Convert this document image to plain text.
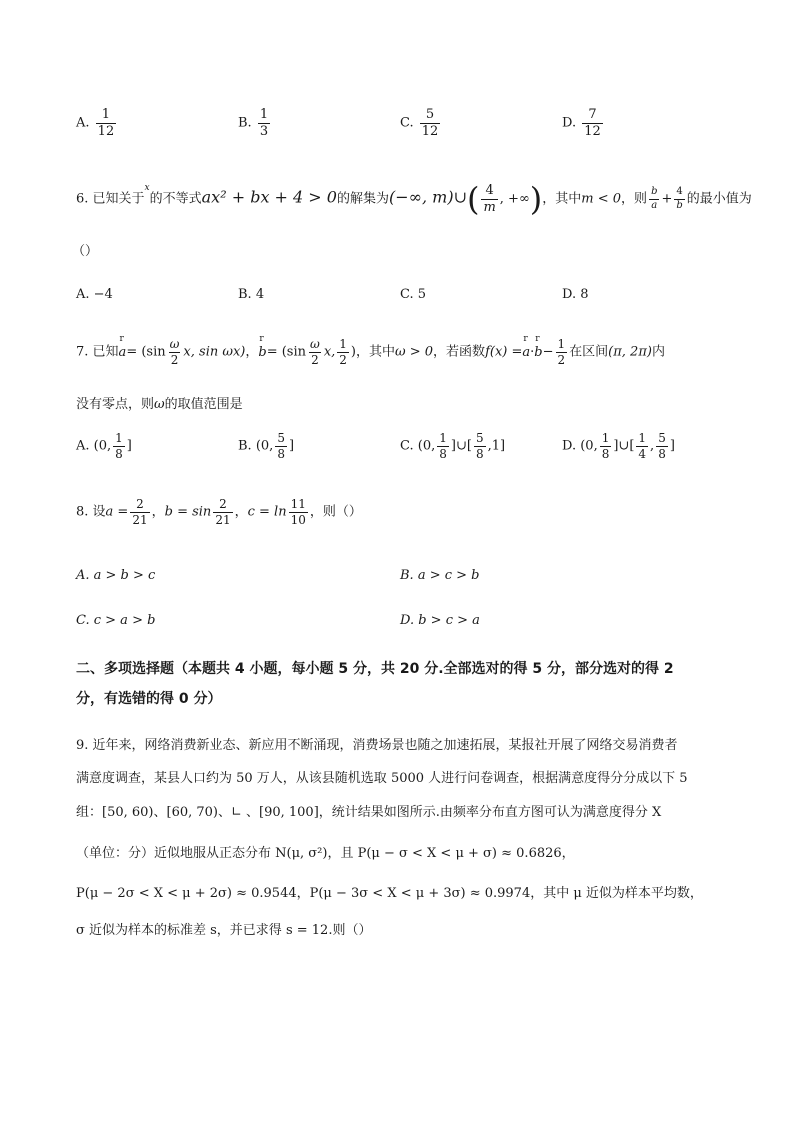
A. $\frac{1}{12}$	B. $\frac{1}{3}$	C. $\frac{5}{12}$	D. $\frac{7}{12}$
6. 已知关于$^x$的不等式ax² + bx + 4 > 0的解集为(−∞, m)∪( $\frac{4}{m}$ , +∞)，其中m < 0，则 $\frac{b}{a} + \frac{4}{b}$ 的最小值为
（）
A. −4	B. 4	C. 5	D. 8
7. 已知
r
$a= (\sin \frac{\omega}{2} x$, sin ωx)，
r
$b= (\sin \frac{\omega}{2} x$, $\frac{1}{2}$ )，其中ω > 0，若函数f(x) =
r
a·
r
$b- \frac{1}{2}$ 在区间(π, 2π)内
没有零点，则ω的取值范围是
A. (0, $\frac{1}{8}$ ]	B. (0, $\frac{5}{8}$ ]	C. (0, $\frac{1}{8}$ ]∪[ $\frac{5}{8} ,1$]	D. (0, $\frac{1}{8}$ ]∪[ $\frac{1}{4}$ , $\frac{5}{8}$ ]
8. 设$a = \frac{2}{21}$ ，$b = \sin \frac{2}{21}$ ，$c = \ln \frac{11}{10}$ ，则（）
A. a > b > c	B. a > c > b
C. c > a > b	D. b > c > a
二、多项选择题（本题共 4 小题，每小题 5 分，共 20 分.全部选对的得 5 分，部分选对的得 2
分，有选错的得 0 分）
9. 近年来，网络消费新业态、新应用不断涌现，消费场景也随之加速拓展，某报社开展了网络交易消费者
满意度调查，某县人口约为 50 万人，从该县随机选取 5000 人进行问卷调查，根据满意度得分分成以下 5
组：[50, 60)、[60, 70)、∟ 、[90, 100]，统计结果如图所示.由频率分布直方图可认为满意度得分 X
（单位：分）近似地服从正态分布 N(μ, σ²)，且 P(μ − σ < X < μ + σ) ≈ 0.6826，
P(μ − 2σ < X < μ + 2σ) ≈ 0.9544，P(μ − 3σ < X < μ + 3σ) ≈ 0.9974，其中 μ 近似为样本平均数，
σ 近似为样本的标准差 s，并已求得 s = 12.则（）
